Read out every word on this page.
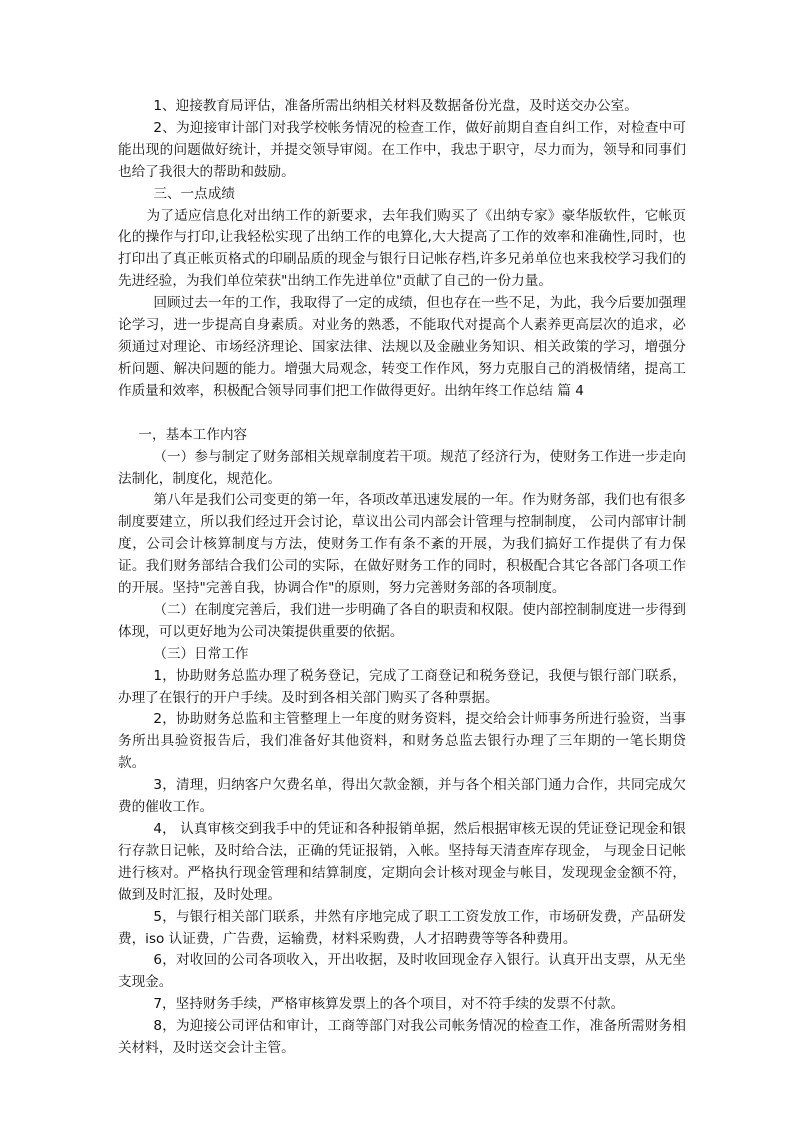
1、迎接教育局评估，准备所需出纳相关材料及数据备份光盘，及时送交办公室。

2、为迎接审计部门对我学校帐务情况的检查工作，做好前期自查自纠工作，对检查中可能出现的问题做好统计，并提交领导审阅。在工作中，我忠于职守，尽力而为，领导和同事们也给了我很大的帮助和鼓励。

三、一点成绩

为了适应信息化对出纳工作的新要求，去年我们购买了《出纳专家》豪华版软件，它帐页化的操作与打印,让我轻松实现了出纳工作的电算化,大大提高了工作的效率和准确性,同时，也打印出了真正帐页格式的印刷品质的现金与银行日记帐存档,许多兄弟单位也来我校学习我们的先进经验，为我们单位荣获"出纳工作先进单位"贡献了自己的一份力量。

回顾过去一年的工作，我取得了一定的成绩，但也存在一些不足，为此，我今后要加强理论学习，进一步提高自身素质。对业务的熟悉，不能取代对提高个人素养更高层次的追求，必须通过对理论、市场经济理论、国家法律、法规以及金融业务知识、相关政策的学习，增强分析问题、解决问题的能力。增强大局观念，转变工作作风，努力克服自己的消极情绪，提高工作质量和效率，积极配合领导同事们把工作做得更好。出纳年终工作总结 篇 4

一，基本工作内容

（一）参与制定了财务部相关规章制度若干项。规范了经济行为，使财务工作进一步走向法制化，制度化，规范化。

第八年是我们公司变更的第一年，各项改革迅速发展的一年。作为财务部，我们也有很多制度要建立，所以我们经过开会讨论，草议出公司内部会计管理与控制制度， 公司内部审计制度，公司会计核算制度与方法，使财务工作有条不紊的开展，为我们搞好工作提供了有力保证。我们财务部结合我们公司的实际，在做好财务工作的同时，积极配合其它各部门各项工作的开展。坚持"完善自我，协调合作"的原则，努力完善财务部的各项制度。

（二）在制度完善后，我们进一步明确了各自的职责和权限。使内部控制制度进一步得到体现，可以更好地为公司决策提供重要的依据。

（三）日常工作

1，协助财务总监办理了税务登记，完成了工商登记和税务登记，我便与银行部门联系，办理了在银行的开户手续。及时到各相关部门购买了各种票据。

2，协助财务总监和主管整理上一年度的财务资料，提交给会计师事务所进行验资，当事务所出具验资报告后，我们准备好其他资料，和财务总监去银行办理了三年期的一笔长期贷款。

3，清理，归纳客户欠费名单，得出欠款金额，并与各个相关部门通力合作，共同完成欠费的催收工作。

4， 认真审核交到我手中的凭证和各种报销单据，然后根据审核无误的凭证登记现金和银行存款日记帐，及时给合法，正确的凭证报销，入帐。坚持每天清查库存现金， 与现金日记帐进行核对。严格执行现金管理和结算制度，定期向会计核对现金与帐目，发现现金金额不符，做到及时汇报，及时处理。

5，与银行相关部门联系，井然有序地完成了职工工资发放工作，市场研发费，产品研发费，iso 认证费，广告费，运输费，材料采购费，人才招聘费等等各种费用。

6，对收回的公司各项收入，开出收据，及时收回现金存入银行。认真开出支票，从无坐支现金。

7，坚持财务手续，严格审核算发票上的各个项目，对不符手续的发票不付款。

8，为迎接公司评估和审计，工商等部门对我公司帐务情况的检查工作，准备所需财务相关材料，及时送交会计主管。
